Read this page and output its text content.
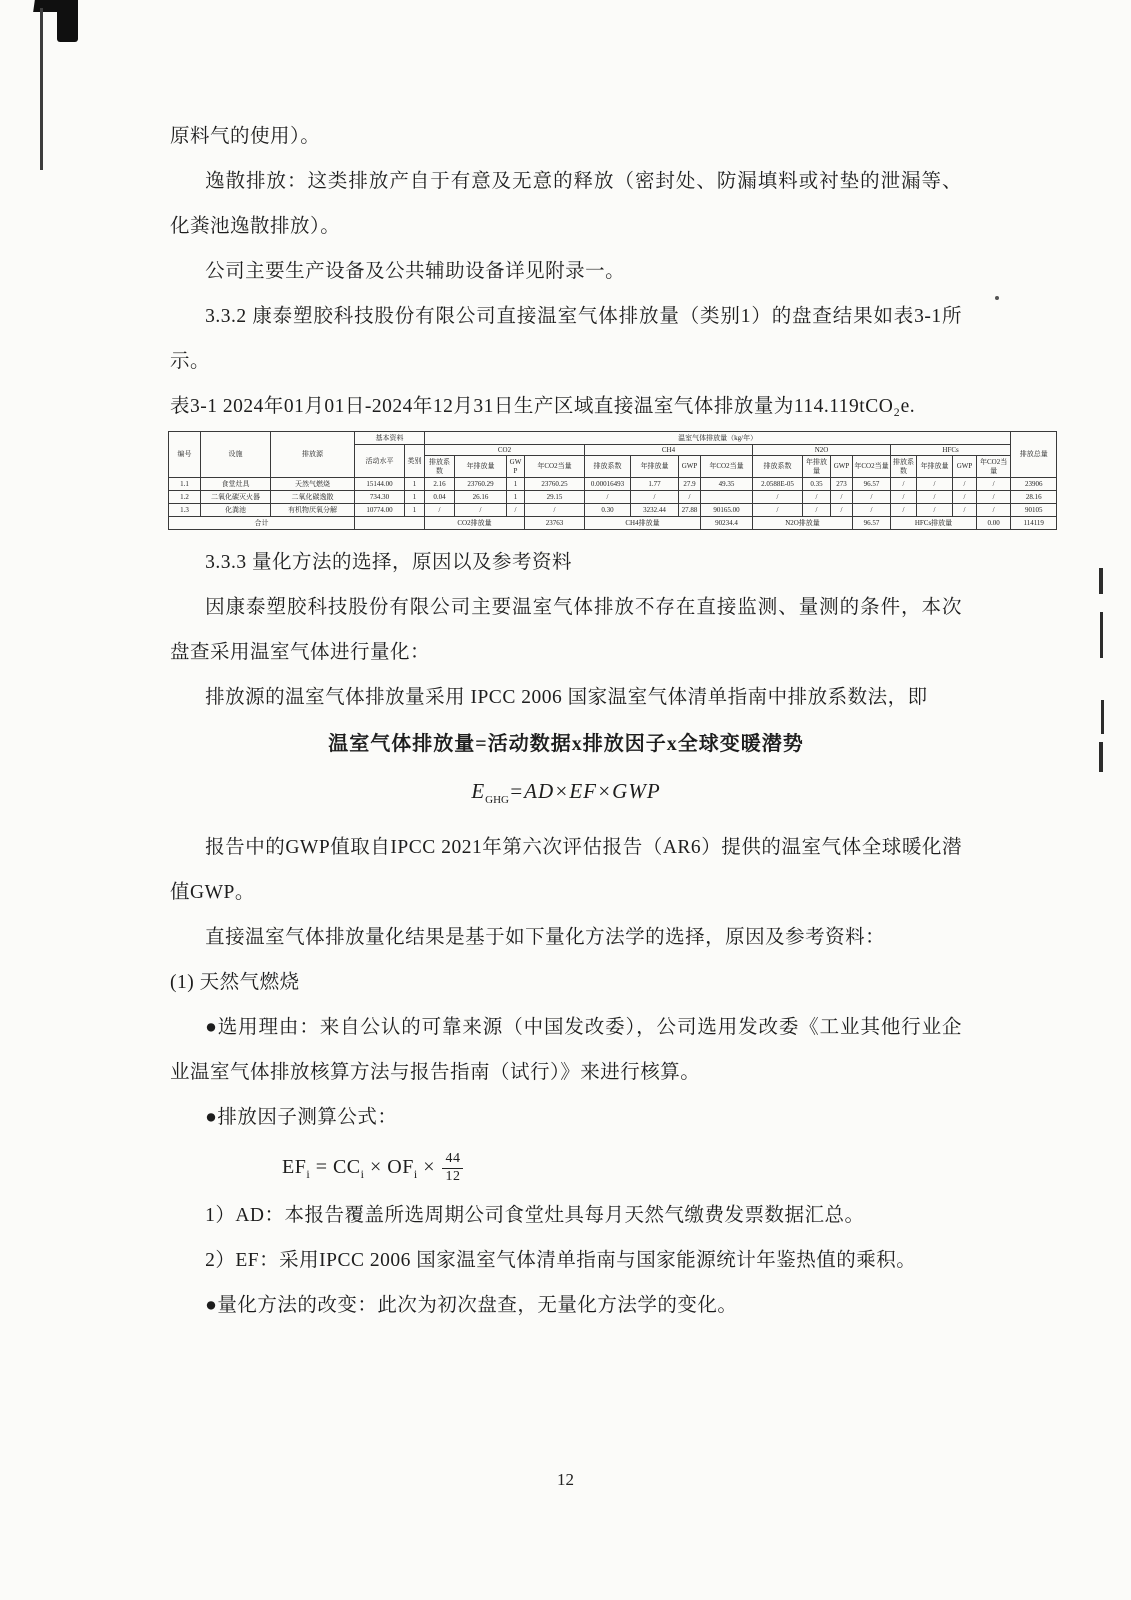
原料气的使用）。

逸散排放：这类排放产自于有意及无意的释放（密封处、防漏填料或衬垫的泄漏等、化粪池逸散排放）。

公司主要生产设备及公共辅助设备详见附录一。

3.3.2 康泰塑胶科技股份有限公司直接温室气体排放量（类别1）的盘查结果如表3-1所示。

表3-1 2024年01月01日-2024年12月31日生产区域直接温室气体排放量为114.119tCO₂e.

编号	设施	排放源	基本资料		温室气体排放量（kg/年）																排放总量
			活动水平	类别	CO2				CH4				N2O				HFCs				
					排放系数	年排放量	GWP	年CO2当量	排放系数	年排放量	GWP	年CO2当量	排放系数	年排放量	GWP	年CO2当量	排放系数	年排放量	GWP	年CO2当量	
1.1	食堂灶具	天然气燃烧	15144.00	1	2.16	23760.29	1	23760.25	0.00016493	1.77	27.9	49.35	2.0588E-05	0.35	273	96.57	/	/	/	/	23906
1.2	二氧化碳灭火器	二氧化碳逸散	734.30	1	0.04	26.16	1	29.15	/	/	/		/	/	/	/	/	/	/	/	28.16
1.3	化粪池	有机物厌氧分解	10774.00	1	/	/	/	/	0.30	3232.44	27.88	90165.00	/	/	/	/	/	/	/	/	90105
合计					CO2排放量			23763	CH4排放量			90234.4	N2O排放量			96.57	HFCs排放量			0.00	114119

3.3.3 量化方法的选择，原因以及参考资料

因康泰塑胶科技股份有限公司主要温室气体排放不存在直接监测、量测的条件，本次盘查采用温室气体进行量化：

排放源的温室气体排放量采用 IPCC 2006 国家温室气体清单指南中排放系数法，即

温室气体排放量=活动数据x排放因子x全球变暖潜势
$E_{GHG}=AD\times EF\times GWP$

报告中的GWP值取自IPCC 2021年第六次评估报告（AR6）提供的温室气体全球暖化潜值GWP。

直接温室气体排放量化结果是基于如下量化方法学的选择，原因及参考资料：

(1) 天然气燃烧

●选用理由：来自公认的可靠来源（中国发改委），公司选用发改委《工业其他行业企业温室气体排放核算方法与报告指南（试行）》来进行核算。

●排放因子测算公式：

$EF_i = CC_i \times OF_i \times \frac{44}{12}$

1）AD：本报告覆盖所选周期公司食堂灶具每月天然气缴费发票数据汇总。

2）EF：采用IPCC 2006 国家温室气体清单指南与国家能源统计年鉴热值的乘积。

●量化方法的改变：此次为初次盘查，无量化方法学的变化。

12
